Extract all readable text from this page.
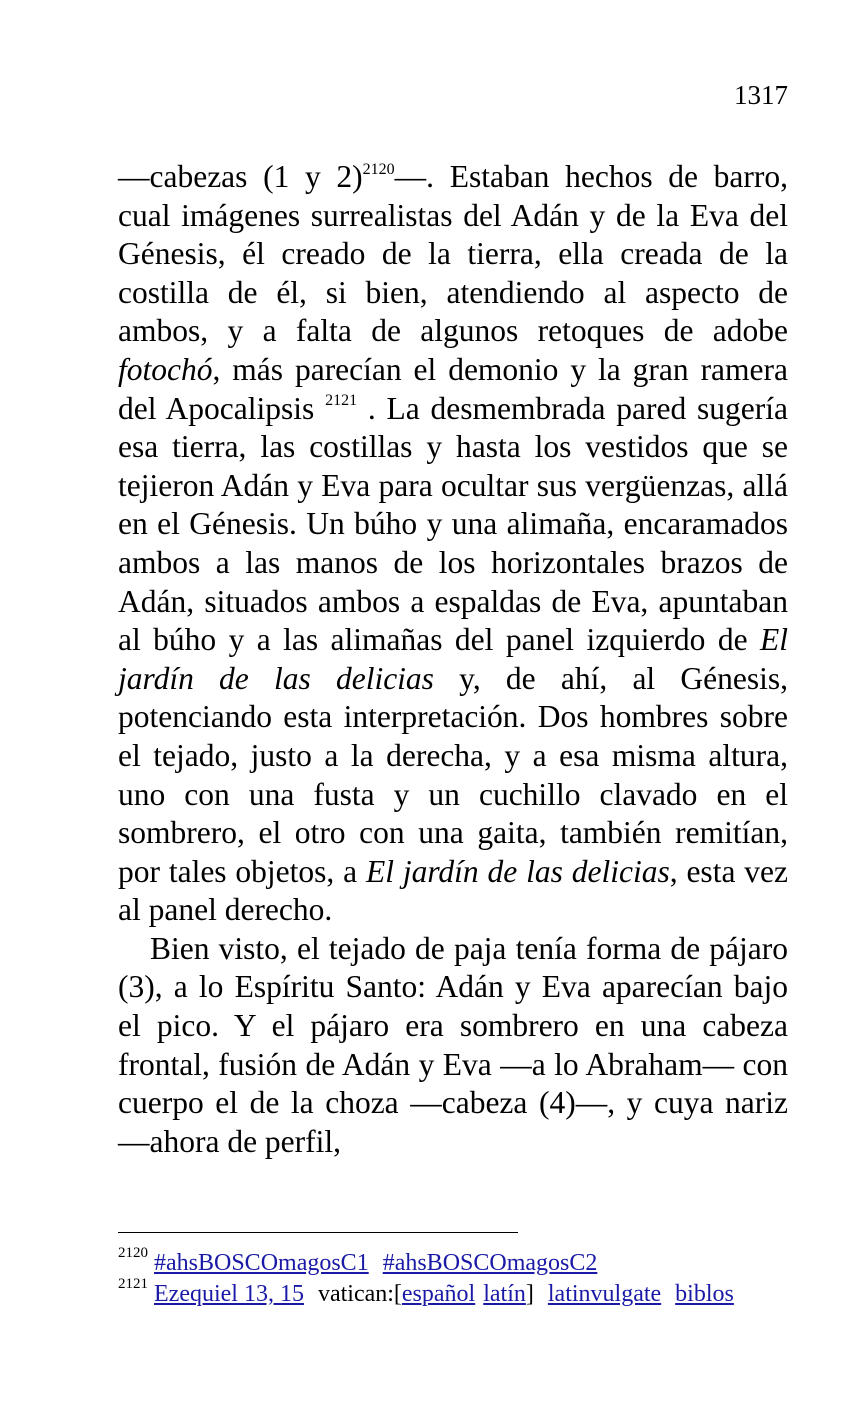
1317

—cabezas (1 y 2)$^{2120}$—. Estaban hechos de barro, cual imágenes surrealistas del Adán y de la Eva del Génesis, él creado de la tierra, ella creada de la costilla de él, si bien, atendiendo al aspecto de ambos, y a falta de algunos retoques de adobe fotochó, más parecían el demonio y la gran ramera del Apocalipsis $^{2121}$ . La desmembrada pared sugería esa tierra, las costillas y hasta los vestidos que se tejieron Adán y Eva para ocultar sus vergüenzas, allá en el Génesis. Un búho y una alimaña, encaramados ambos a las manos de los horizontales brazos de Adán, situados ambos a espaldas de Eva, apuntaban al búho y a las alimañas del panel izquierdo de El jardín de las delicias y, de ahí, al Génesis, potenciando esta interpretación. Dos hombres sobre el tejado, justo a la derecha, y a esa misma altura, uno con una fusta y un cuchillo clavado en el sombrero, el otro con una gaita, también remitían, por tales objetos, a El jardín de las delicias, esta vez al panel derecho.

Bien visto, el tejado de paja tenía forma de pájaro (3), a lo Espíritu Santo: Adán y Eva aparecían bajo el pico. Y el pájaro era sombrero en una cabeza frontal, fusión de Adán y Eva —a lo Abraham— con cuerpo el de la choza —cabeza (4)—, y cuya nariz —ahora de perfil,

$^{2120}$ #ahsBOSCOmagosC1 #ahsBOSCOmagosC2
$^{2121}$ Ezequiel 13, 15 vatican:[español latín] latinvulgate biblos
